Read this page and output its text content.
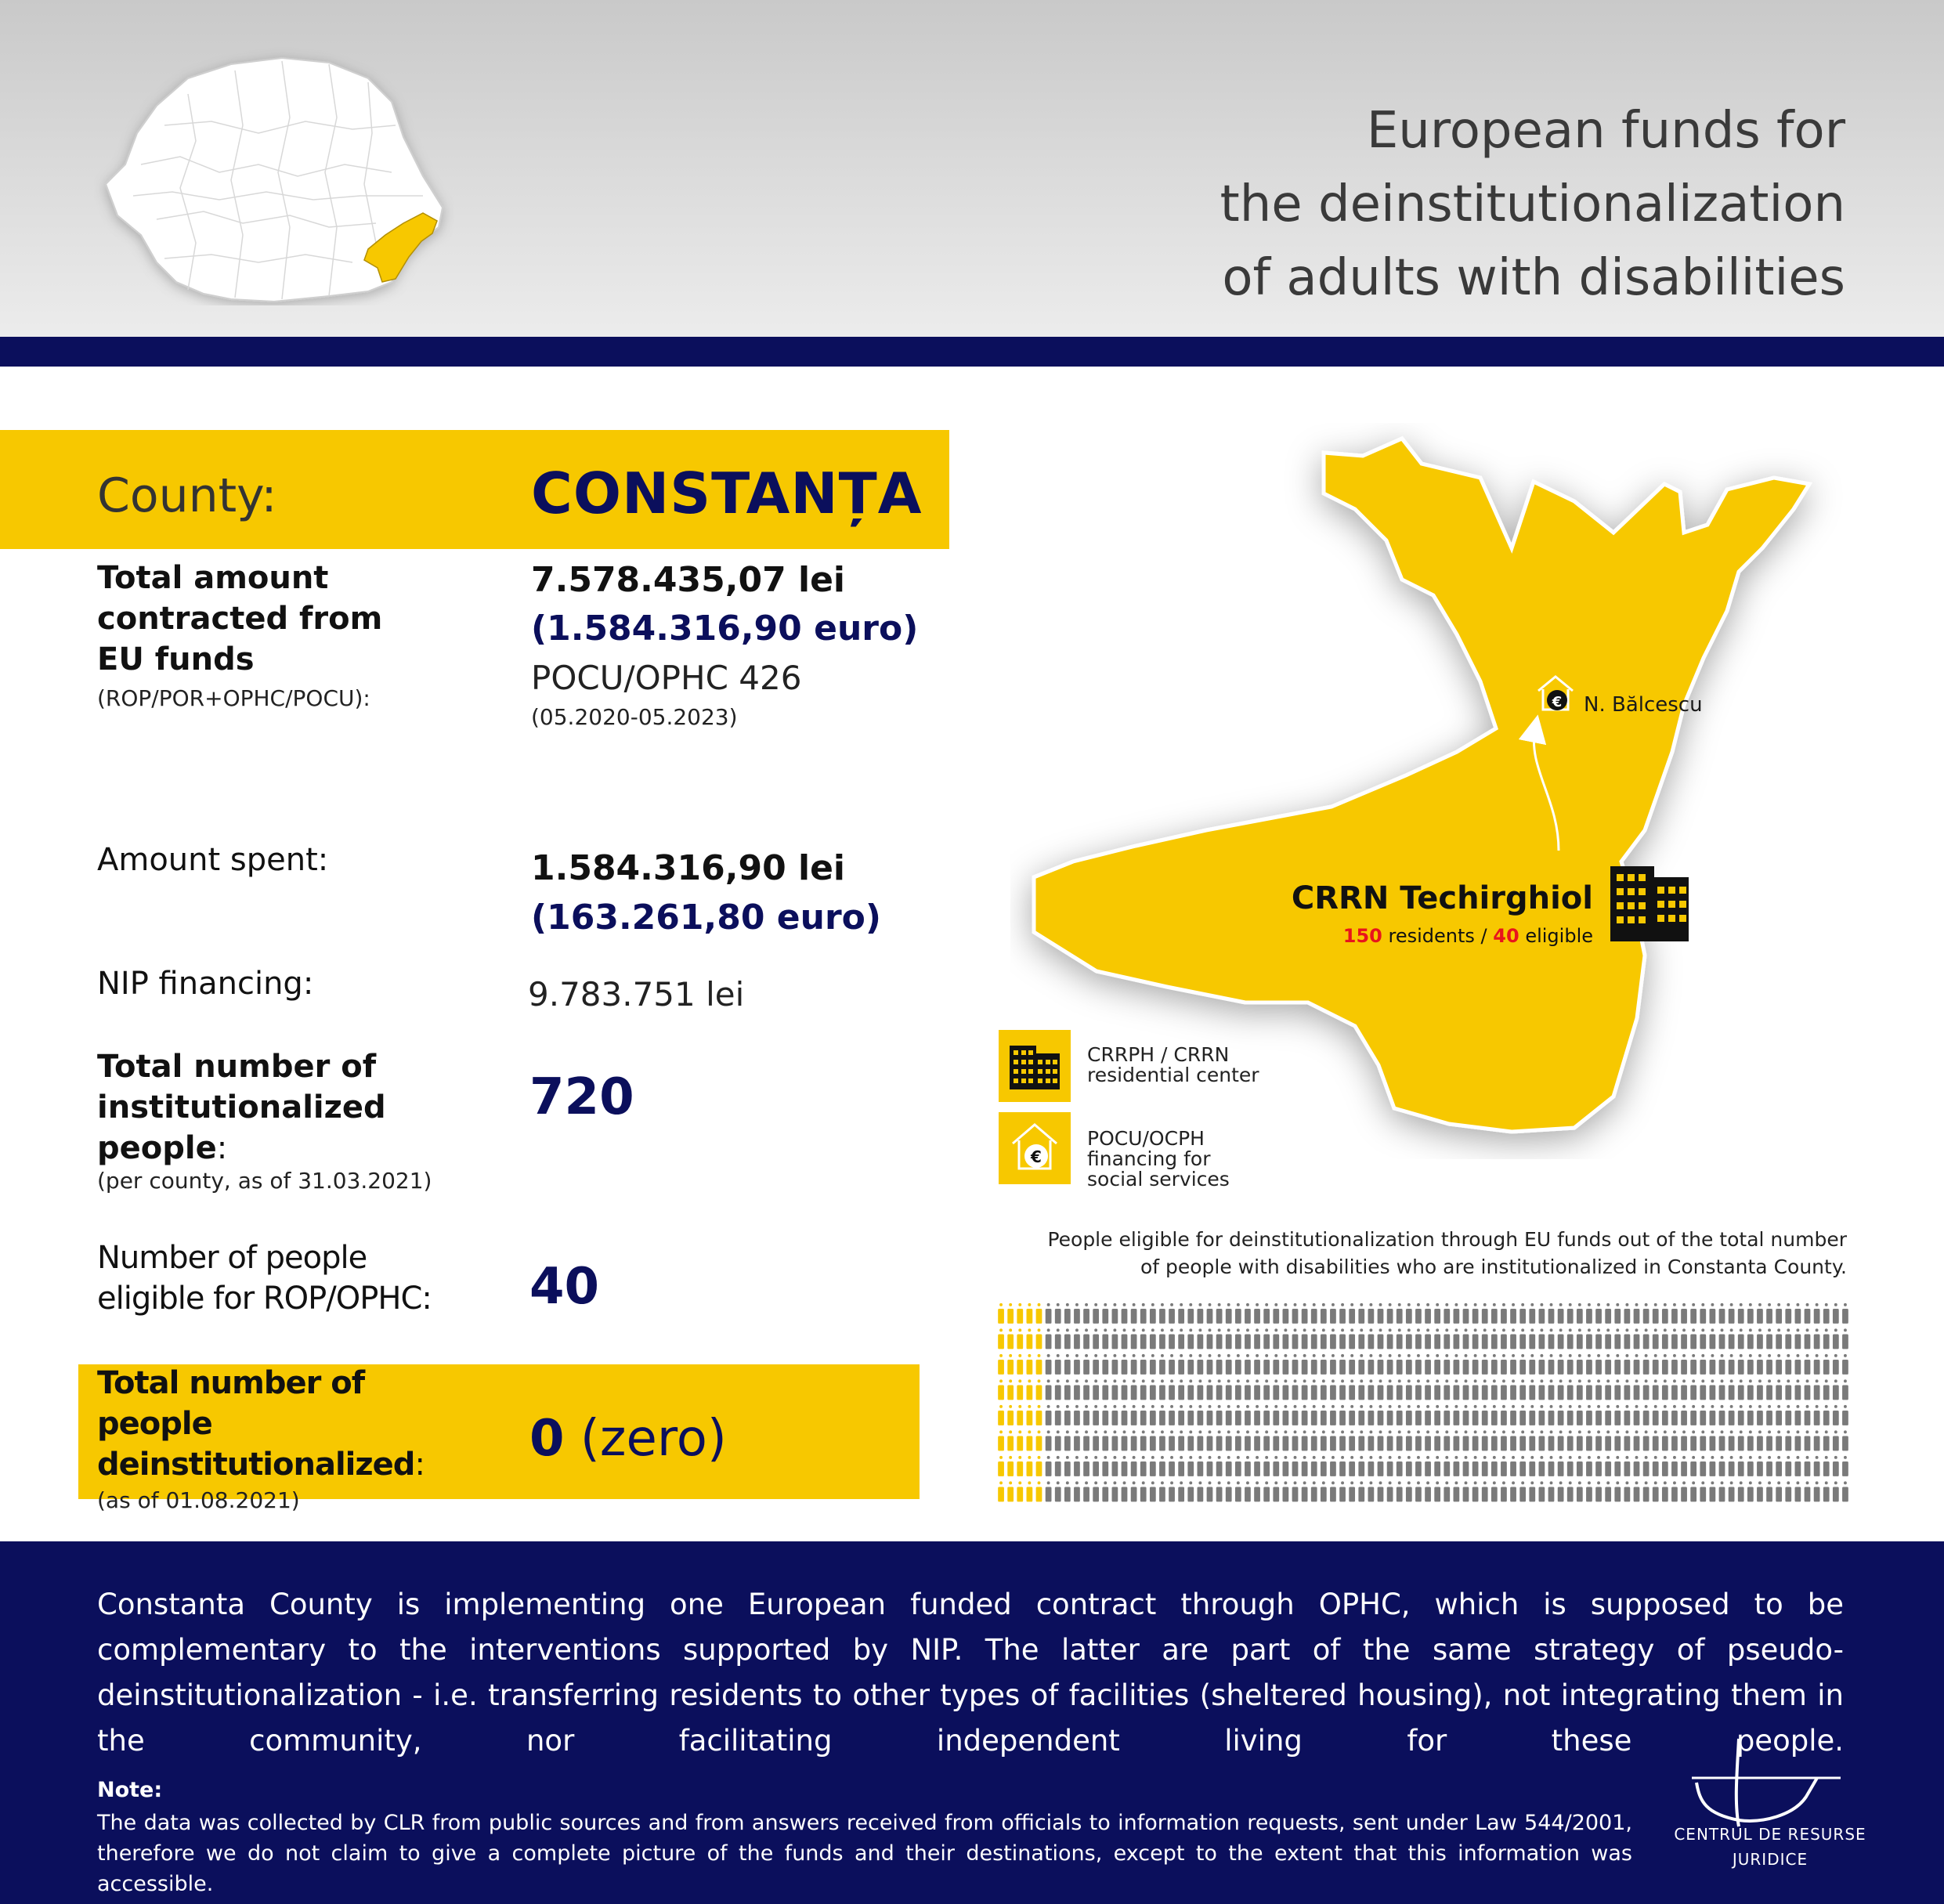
European funds for
the deinstitutionalization
of adults with disabilities
County:	CONSTANȚA
Total amount
contracted from
EU funds
(ROP/POR+OPHC/POCU):
7.578.435,07 lei
(1.584.316,90 euro)
POCU/OPHC 426
(05.2020-05.2023)
Amount spent:	1.584.316,90 lei
(163.261,80 euro)
NIP financing:	9.783.751 lei
Total number of
institutionalized
people:
(per county, as of 31.03.2021)
720
Number of people
eligible for ROP/OPHC:	40
Total number of
people
deinstitutionalized:
(as of 01.08.2021)
0 (zero)
€ N. Bălcescu
CRRN Techirghiol
150 residents / 40 eligible
CRRPH / CRRN
residential center
€
POCU/OCPH
financing for
social services
People eligible for deinstitutionalization through EU funds out of the total number
of people with disabilities who are institutionalized in Constanta County.
Constanta County is implementing one European funded contract through OPHC, which is supposed to be complementary to the interventions supported by NIP. The latter are part of the same strategy of pseudo-deinstitutionalization - i.e. transferring residents to other types of facilities (sheltered housing), not integrating them in the community, nor facilitating independent living for these people.
Note:
The data was collected by CLR from public sources and from answers received from officials to information requests, sent under Law 544/2001, therefore we do not claim to give a complete picture of the funds and their destinations, except to the extent that this information was accessible.
CENTRUL DE RESURSE
JURIDICE
